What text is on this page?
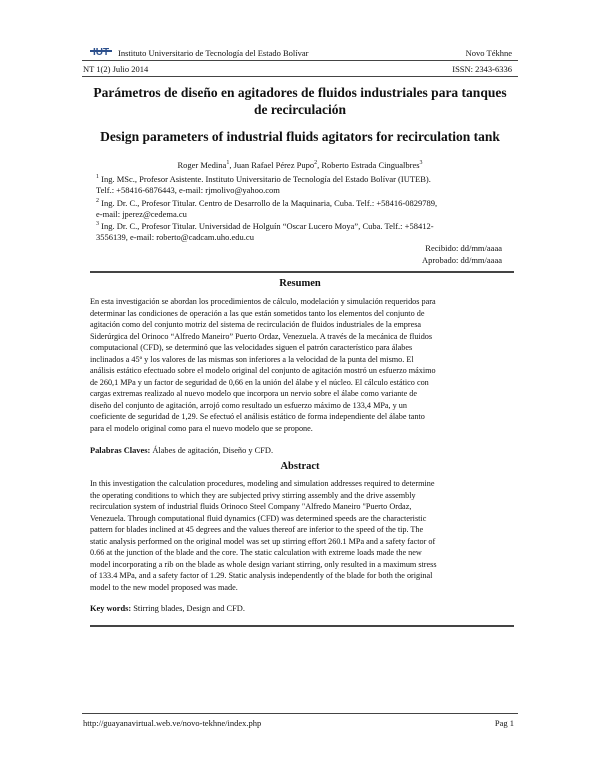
IUT Instituto Universitario de Tecnología del Estado Bolívar	Novo Tékhne
NT 1(2) Julio 2014	ISSN: 2343-6336
Parámetros de diseño en agitadores de fluidos industriales para tanques
de recirculación
Design parameters of industrial fluids agitators for recirculation tank
Roger Medina$^1$, Juan Rafael Pérez Pupo$^2$, Roberto Estrada Cingualbres$^3$
$^1$ Ing. MSc., Profesor Asistente. Instituto Universitario de Tecnología del Estado Bolívar (IUTEB).
Telf.: +58416-6876443, e-mail: rjmolivo@yahoo.com
$^2$ Ing. Dr. C., Profesor Titular. Centro de Desarrollo de la Maquinaria, Cuba. Telf.: +58416-0829789,
e-mail: jperez@cedema.cu
$^3$ Ing. Dr. C., Profesor Titular. Universidad de Holguín “Oscar Lucero Moya”, Cuba. Telf.: +58412-
3556139, e-mail: roberto@cadcam.uho.edu.cu
Recibido: dd/mm/aaaa
Aprobado: dd/mm/aaaa
Resumen
En esta investigación se abordan los procedimientos de cálculo, modelación y simulación requeridos para
determinar las condiciones de operación a las que están sometidos tanto los elementos del conjunto de
agitación como del conjunto motriz del sistema de recirculación de fluidos industriales de la empresa
Siderúrgica del Orinoco “Alfredo Maneiro” Puerto Ordaz, Venezuela. A través de la mecánica de fluidos
computacional (CFD), se determinó que las velocidades siguen el patrón característico para álabes
inclinados a 45º y los valores de las mismas son inferiores a la velocidad de la punta del mismo. El
análisis estático efectuado sobre el modelo original del conjunto de agitación mostró un esfuerzo máximo
de 260,1 MPa y un factor de seguridad de 0,66 en la unión del álabe y el núcleo. El cálculo estático con
cargas extremas realizado al nuevo modelo que incorpora un nervio sobre el álabe como variante de
diseño del conjunto de agitación, arrojó como resultado un esfuerzo máximo de 133,4 MPa, y un
coeficiente de seguridad de 1,29. Se efectuó el análisis estático de forma independiente del álabe tanto
para el modelo original como para el nuevo modelo que se propone.
Palabras Claves: Álabes de agitación, Diseño y CFD.
Abstract
In this investigation the calculation procedures, modeling and simulation addresses required to determine
the operating conditions to which they are subjected privy stirring assembly and the drive assembly
recirculation system of industrial fluids Orinoco Steel Company "Alfredo Maneiro "Puerto Ordaz,
Venezuela. Through computational fluid dynamics (CFD) was determined speeds are the characteristic
pattern for blades inclined at 45 degrees and the values thereof are inferior to the speed of the tip. The
static analysis performed on the original model was set up stirring effort 260.1 MPa and a safety factor of
0.66 at the junction of the blade and the core. The static calculation with extreme loads made the new
model incorporating a rib on the blade as whole design variant stirring, only resulted in a maximum stress
of 133.4 MPa, and a safety factor of 1.29. Static analysis independently of the blade for both the original
model to the new model proposed was made.
Key words: Stirring blades, Design and CFD.
http://guayanavirtual.web.ve/novo-tekhne/index.php	Pag 1
